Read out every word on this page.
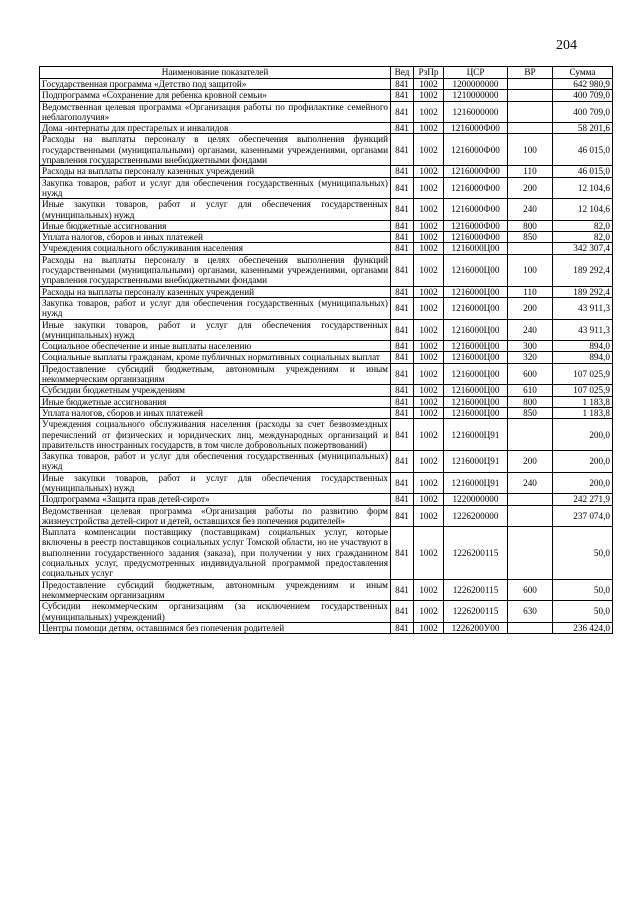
204
Наименование показателей	Вед	РзПр	ЦСР	ВР	Сумма
Государственная программа «Детство под защитой»	841	1002	1200000000		642 980,9
Подпрограмма «Сохранение для ребенка кровной семьи»	841	1002	1210000000		400 709,0
Ведомственная целевая программа «Организация работы по профилактике семейного неблагополучия»	841	1002	1216000000		400 709,0
Дома -интернаты для престарелых и инвалидов	841	1002	1216000Ф00		58 201,6
Расходы на выплаты персоналу в целях обеспечения выполнения функций государственными (муниципальными) органами, казенными учреждениями, органами управления государственными внебюджетными фондами	841	1002	1216000Ф00	100	46 015,0
Расходы на выплаты персоналу казенных учреждений	841	1002	1216000Ф00	110	46 015,0
Закупка товаров, работ и услуг для обеспечения государственных (муниципальных) нужд	841	1002	1216000Ф00	200	12 104,6
Иные закупки товаров, работ и услуг для обеспечения государственных (муниципальных) нужд	841	1002	1216000Ф00	240	12 104,6
Иные бюджетные ассигнования	841	1002	1216000Ф00	800	82,0
Уплата налогов, сборов и иных платежей	841	1002	1216000Ф00	850	82,0
Учреждения социального обслуживания населения	841	1002	1216000Ц00		342 307,4
Расходы на выплаты персоналу в целях обеспечения выполнения функций государственными (муниципальными) органами, казенными учреждениями, органами управления государственными внебюджетными фондами	841	1002	1216000Ц00	100	189 292,4
Расходы на выплаты персоналу казенных учреждений	841	1002	1216000Ц00	110	189 292,4
Закупка товаров, работ и услуг для обеспечения государственных (муниципальных) нужд	841	1002	1216000Ц00	200	43 911,3
Иные закупки товаров, работ и услуг для обеспечения государственных (муниципальных) нужд	841	1002	1216000Ц00	240	43 911,3
Социальное обеспечение и иные выплаты населению	841	1002	1216000Ц00	300	894,0
Социальные выплаты гражданам, кроме публичных нормативных социальных выплат	841	1002	1216000Ц00	320	894,0
Предоставление субсидий бюджетным, автономным учреждениям и иным некоммерческим организациям	841	1002	1216000Ц00	600	107 025,9
Субсидии бюджетным учреждениям	841	1002	1216000Ц00	610	107 025,9
Иные бюджетные ассигнования	841	1002	1216000Ц00	800	1 183,8
Уплата налогов, сборов и иных платежей	841	1002	1216000Ц00	850	1 183,8
Учреждения социального обслуживания населения (расходы за счет безвозмездных перечислений от физических и юридических лиц, международных организаций и правительств иностранных государств, в том числе добровольных пожертвований)	841	1002	1216000Ц91		200,0
Закупка товаров, работ и услуг для обеспечения государственных (муниципальных) нужд	841	1002	1216000Ц91	200	200,0
Иные закупки товаров, работ и услуг для обеспечения государственных (муниципальных) нужд	841	1002	1216000Ц91	240	200,0
Подпрограмма «Защита прав детей-сирот»	841	1002	1220000000		242 271,9
Ведомственная целевая программа «Организация работы по развитию форм жизнеустройства детей-сирот и детей, оставшихся без попечения родителей»	841	1002	1226200000		237 074,0
Выплата компенсации поставщику (поставщикам) социальных услуг, которые включены в реестр поставщиков социальных услуг Томской области, но не участвуют в выполнении государственного задания (заказа), при получении у них гражданином социальных услуг, предусмотренных индивидуальной программой предоставления социальных услуг	841	1002	1226200115		50,0
Предоставление субсидий бюджетным, автономным учреждениям и иным некоммерческим организациям	841	1002	1226200115	600	50,0
Субсидии некоммерческим организациям (за исключением государственных (муниципальных) учреждений)	841	1002	1226200115	630	50,0
Центры помощи детям, оставшимся без попечения родителей	841	1002	1226200У00		236 424,0
